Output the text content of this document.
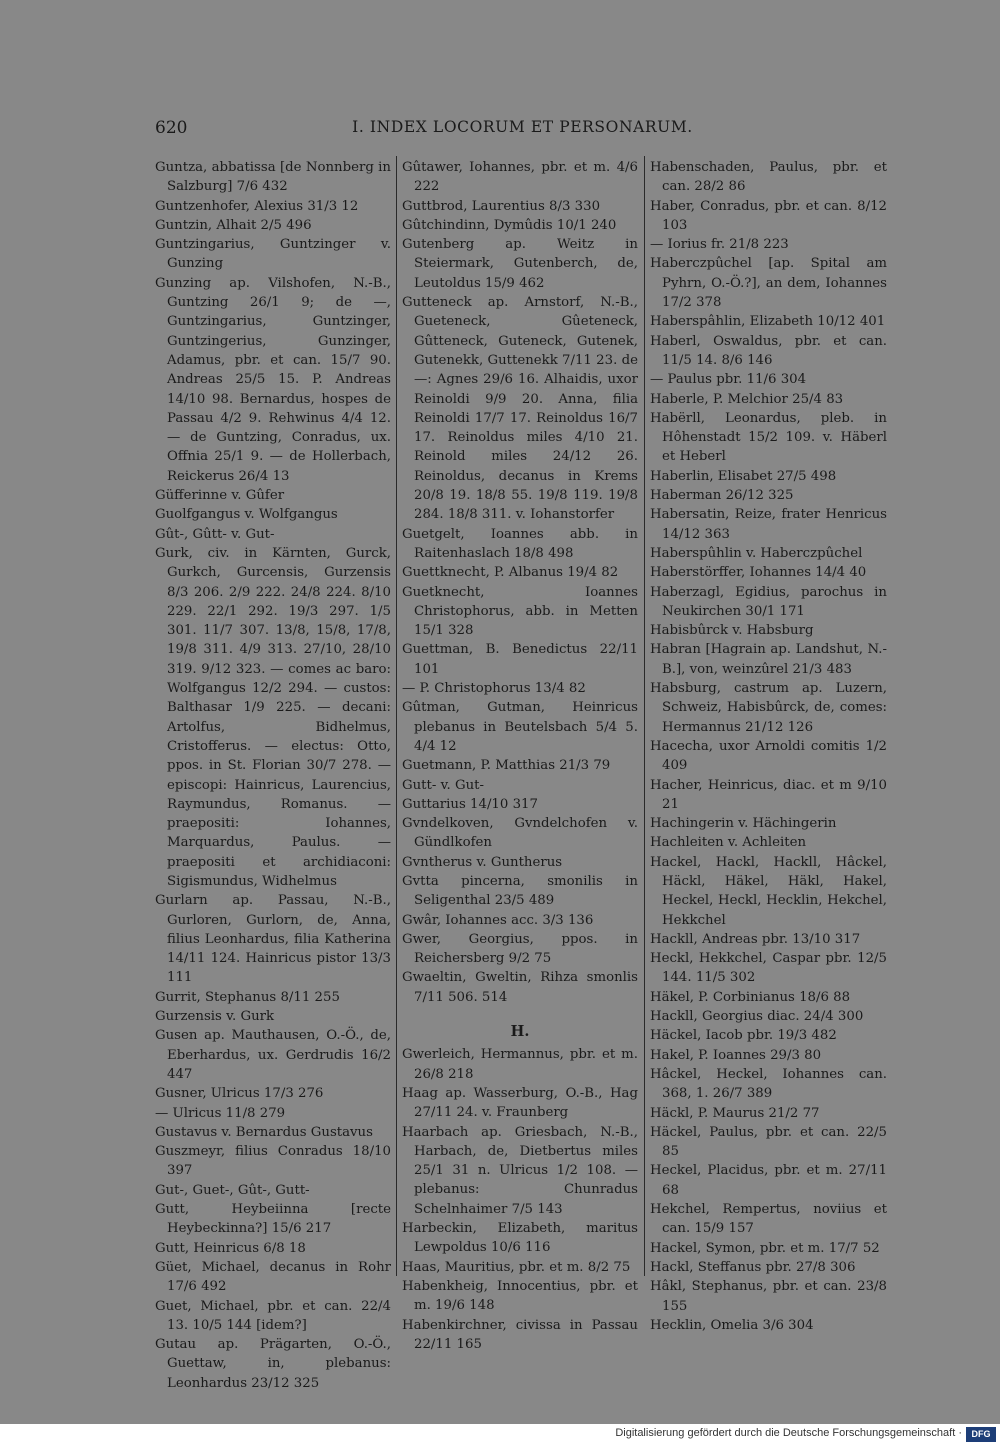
620	I. INDEX LOCORUM ET PERSONARUM.

Guntza, abbatissa [de Nonnberg in Salzburg] 7/6 432

Guntzenhofer, Alexius 31/3 12

Guntzin, Alhait 2/5 496

Guntzingarius, Guntzinger v. Gunzing

Gunzing ap. Vilshofen, N.-B., Guntzing 26/1 9; de —, Guntzingarius, Guntzinger, Guntzingerius, Gunzinger, Adamus, pbr. et can. 15/7 90. Andreas 25/5 15. P. Andreas 14/10 98. Bernardus, hospes de Passau 4/2 9. Rehwinus 4/4 12. — de Guntzing, Conradus, ux. Offnia 25/1 9. — de Hollerbach, Reickerus 26/4 13

Güfferinne v. Gûfer

Guolfgangus v. Wolfgangus

Gût-, Gûtt- v. Gut-

Gurk, civ. in Kärnten, Gurck, Gurkch, Gurcensis, Gurzensis 8/3 206. 2/9 222. 24/8 224. 8/10 229. 22/1 292. 19/3 297. 1/5 301. 11/7 307. 13/8, 15/8, 17/8, 19/8 311. 4/9 313. 27/10, 28/10 319. 9/12 323. — comes ac baro: Wolfgangus 12/2 294. — custos: Balthasar 1/9 225. — decani: Artolfus, Bidhelmus, Cristofferus. — electus: Otto, ppos. in St. Florian 30/7 278. — episcopi: Hainricus, Laurencius, Raymundus, Romanus. — praepositi: Iohannes, Marquardus, Paulus. — praepositi et archidiaconi: Sigismundus, Widhelmus

Gurlarn ap. Passau, N.-B., Gurloren, Gurlorn, de, Anna, filius Leonhardus, filia Katherina 14/11 124. Hainricus pistor 13/3 111

Gurrit, Stephanus 8/11 255

Gurzensis v. Gurk

Gusen ap. Mauthausen, O.-Ö., de, Eberhardus, ux. Gerdrudis 16/2 447

Gusner, Ulricus 17/3 276

— Ulricus 11/8 279

Gustavus v. Bernardus Gustavus

Guszmeyr, filius Conradus 18/10 397

Gut-, Guet-, Gût-, Gutt-

Gutt, Heybeiinna [recte Heybeckinna?] 15/6 217

Gutt, Heinricus 6/8 18

Güet, Michael, decanus in Rohr 17/6 492

Guet, Michael, pbr. et can. 22/4 13. 10/5 144 [idem?]

Gutau ap. Prägarten, O.-Ö., Guettaw, in, plebanus: Leonhardus 23/12 325

Gûtawer, Iohannes, pbr. et m. 4/6 222

Guttbrod, Laurentius 8/3 330

Gûtchindinn, Dymûdis 10/1 240

Gutenberg ap. Weitz in Steiermark, Gutenberch, de, Leutoldus 15/9 462

Gutteneck ap. Arnstorf, N.-B., Gueteneck, Gûeteneck, Gûtteneck, Guteneck, Gutenek, Gutenekk, Guttenekk 7/11 23. de —: Agnes 29/6 16. Alhaidis, uxor Reinoldi 9/9 20. Anna, filia Reinoldi 17/7 17. Reinoldus 16/7 17. Reinoldus miles 4/10 21. Reinold miles 24/12 26. Reinoldus, decanus in Krems 20/8 19. 18/8 55. 19/8 119. 19/8 284. 18/8 311. v. Iohanstorfer

Guetgelt, Ioannes abb. in Raitenhaslach 18/8 498

Guettknecht, P. Albanus 19/4 82

Guetknecht, Ioannes Christophorus, abb. in Metten 15/1 328

Guettman, B. Benedictus 22/11 101

— P. Christophorus 13/4 82

Gûtman, Gutman, Heinricus plebanus in Beutelsbach 5/4 5. 4/4 12

Guetmann, P. Matthias 21/3 79

Gutt- v. Gut-

Guttarius 14/10 317

Gvndelkoven, Gvndelchofen v. Gündlkofen

Gvntherus v. Guntherus

Gvtta pincerna, smonilis in Seligenthal 23/5 489

Gwâr, Iohannes acc. 3/3 136

Gwer, Georgius, ppos. in Reichersberg 9/2 75

Gwaeltin, Gweltin, Rihza smonlis 7/11 506. 514

H.

Gwerleich, Hermannus, pbr. et m. 26/8 218

Haag ap. Wasserburg, O.-B., Hag 27/11 24. v. Fraunberg

Haarbach ap. Griesbach, N.-B., Harbach, de, Dietbertus miles 25/1 31 n. Ulricus 1/2 108. — plebanus: Chunradus Schelnhaimer 7/5 143

Harbeckin, Elizabeth, maritus Lewpoldus 10/6 116

Haas, Mauritius, pbr. et m. 8/2 75

Habenkheig, Innocentius, pbr. et m. 19/6 148

Habenkirchner, civissa in Passau 22/11 165

Habenschaden, Paulus, pbr. et can. 28/2 86

Haber, Conradus, pbr. et can. 8/12 103

— Iorius fr. 21/8 223

Haberczpûchel [ap. Spital am Pyhrn, O.-Ö.?], an dem, Iohannes 17/2 378

Haberspâhlin, Elizabeth 10/12 401

Haberl, Oswaldus, pbr. et can. 11/5 14. 8/6 146

— Paulus pbr. 11/6 304

Haberle, P. Melchior 25/4 83

Habërll, Leonardus, pleb. in Hôhenstadt 15/2 109. v. Häberl et Heberl

Haberlin, Elisabet 27/5 498

Haberman 26/12 325

Habersatin, Reize, frater Henricus 14/12 363

Haberspûhlin v. Haberczpûchel

Haberstörffer, Iohannes 14/4 40

Haberzagl, Egidius, parochus in Neukirchen 30/1 171

Habisbûrck v. Habsburg

Habran [Hagrain ap. Landshut, N.-B.], von, weinzûrel 21/3 483

Habsburg, castrum ap. Luzern, Schweiz, Habisbûrck, de, comes: Hermannus 21/12 126

Hacecha, uxor Arnoldi comitis 1/2 409

Hacher, Heinricus, diac. et m 9/10 21

Hachingerin v. Hächingerin

Hachleiten v. Achleiten

Hackel, Hackl, Hackll, Hâckel, Häckl, Häkel, Häkl, Hakel, Heckel, Heckl, Hecklin, Hekchel, Hekkchel

Hackll, Andreas pbr. 13/10 317

Heckl, Hekkchel, Caspar pbr. 12/5 144. 11/5 302

Häkel, P. Corbinianus 18/6 88

Hackll, Georgius diac. 24/4 300

Häckel, Iacob pbr. 19/3 482

Hakel, P. Ioannes 29/3 80

Hâckel, Heckel, Iohannes can. 368, 1. 26/7 389

Häckl, P. Maurus 21/2 77

Häckel, Paulus, pbr. et can. 22/5 85

Heckel, Placidus, pbr. et m. 27/11 68

Hekchel, Rempertus, noviius et can. 15/9 157

Hackel, Symon, pbr. et m. 17/7 52

Hackl, Steffanus pbr. 27/8 306

Hâkl, Stephanus, pbr. et can. 23/8 155

Hecklin, Omelia 3/6 304

Digitalisierung gefördert durch die Deutsche Forschungsgemeinschaft ·	DFG
